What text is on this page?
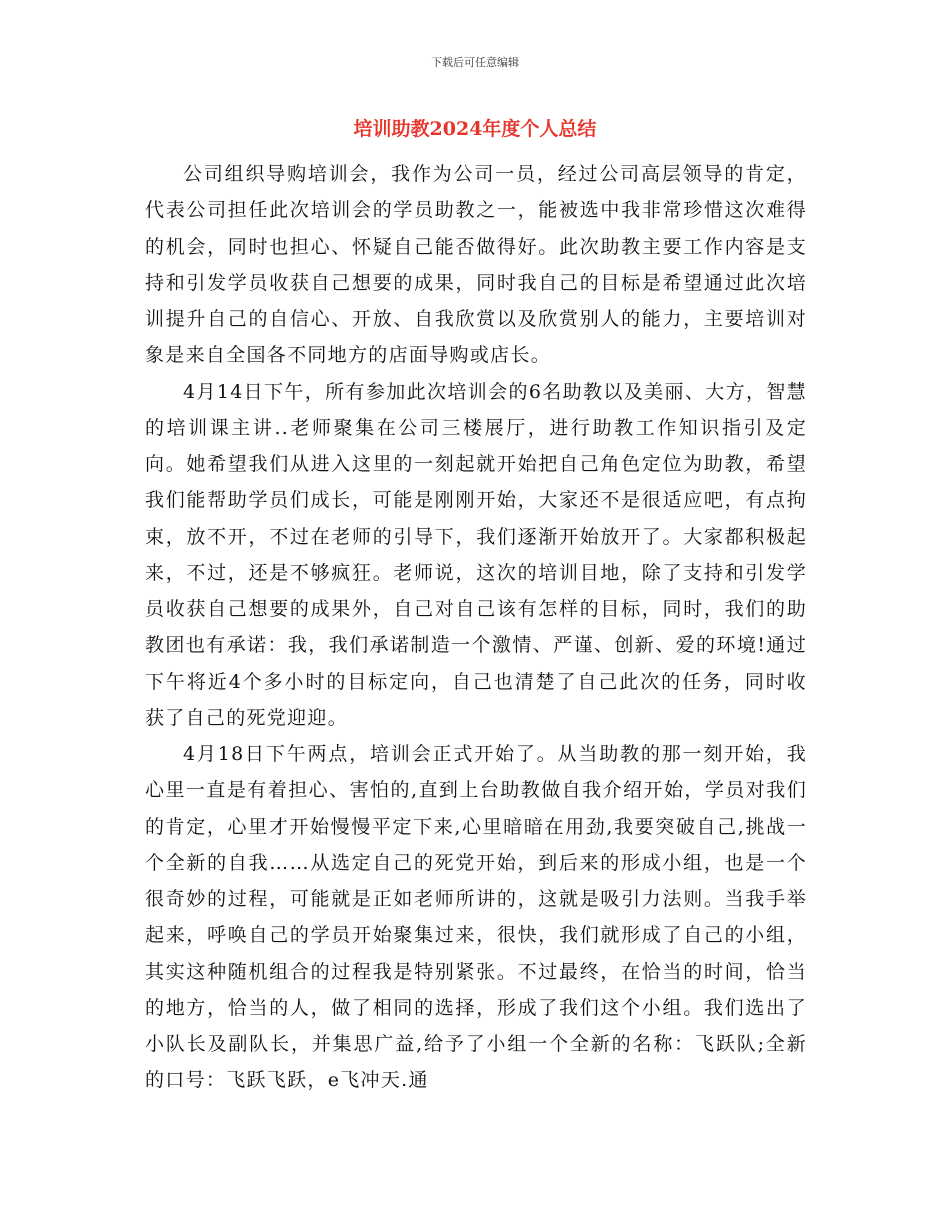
下载后可任意编辑
培训助教2024年度个人总结

公司组织导购培训会，我作为公司一员，经过公司高层领导的肯定，代表公司担任此次培训会的学员助教之一，能被选中我非常珍惜这次难得的机会，同时也担心、怀疑自己能否做得好。此次助教主要工作内容是支持和引发学员收获自己想要的成果，同时我自己的目标是希望通过此次培训提升自己的自信心、开放、自我欣赏以及欣赏别人的能力，主要培训对象是来自全国各不同地方的店面导购或店长。

4月14日下午，所有参加此次培训会的6名助教以及美丽、大方，智慧的培训课主讲..老师聚集在公司三楼展厅，进行助教工作知识指引及定向。她希望我们从进入这里的一刻起就开始把自己角色定位为助教，希望我们能帮助学员们成长，可能是刚刚开始，大家还不是很适应吧，有点拘束，放不开，不过在老师的引导下，我们逐渐开始放开了。大家都积极起来，不过，还是不够疯狂。老师说，这次的培训目地，除了支持和引发学员收获自己想要的成果外，自己对自己该有怎样的目标，同时，我们的助教团也有承诺：我，我们承诺制造一个激情、严谨、创新、爱的环境!通过下午将近4个多小时的目标定向，自己也清楚了自己此次的任务，同时收获了自己的死党迎迎。

4月18日下午两点，培训会正式开始了。从当助教的那一刻开始，我心里一直是有着担心、害怕的,直到上台助教做自我介绍开始，学员对我们的肯定，心里才开始慢慢平定下来,心里暗暗在用劲,我要突破自己,挑战一个全新的自我……从选定自己的死党开始，到后来的形成小组，也是一个很奇妙的过程，可能就是正如老师所讲的，这就是吸引力法则。当我手举起来，呼唤自己的学员开始聚集过来，很快，我们就形成了自己的小组，其实这种随机组合的过程我是特别紧张。不过最终，在恰当的时间，恰当的地方，恰当的人，做了相同的选择，形成了我们这个小组。我们选出了小队长及副队长，并集思广益,给予了小组一个全新的名称：飞跃队;全新的口号：飞跃飞跃，e飞冲天.通
